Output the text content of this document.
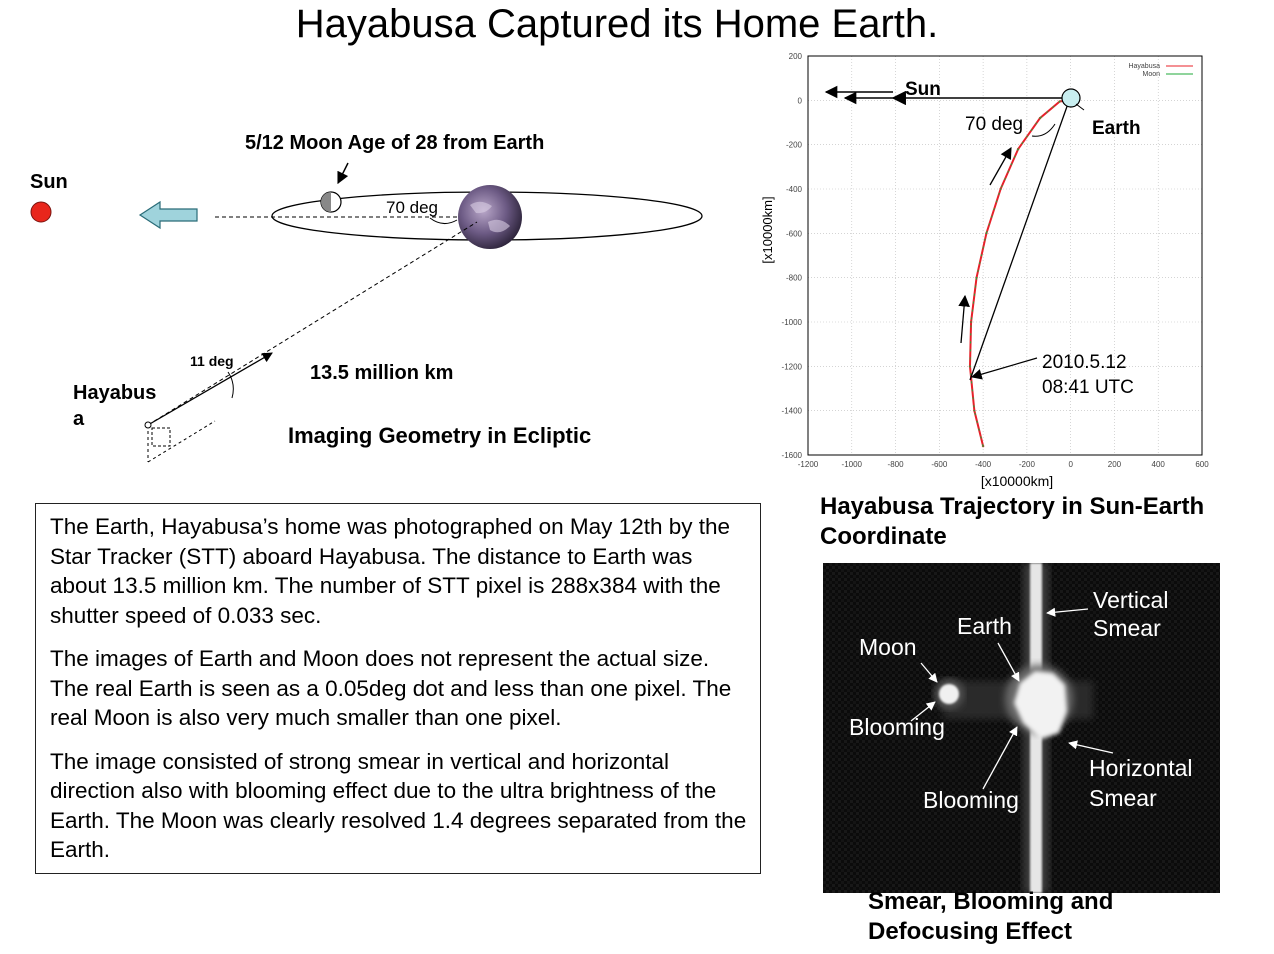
Hayabusa Captured its Home Earth.
5/12 Moon Age of 28 from Earth
Sun
70 deg
11 deg
Hayabus
a
13.5 million km
Imaging Geometry in Ecliptic
-1200	-1000	-800	-600	-400	-200	0	200	400	600
200
0
-200
-400
-600
-800
-1000
-1200
-1400
-1600
Hayabusa
Moon
[x10000km]
[x10000km]
Sun
70 deg	Earth
2010.5.12
08:41 UTC
Hayabusa Trajectory in Sun-Earth
Coordinate

The Earth, Hayabusa’s home was photographed on May 12th by the Star Tracker (STT) aboard Hayabusa. The distance to Earth was about 13.5 million km. The number of STT pixel is 288x384 with the shutter speed of 0.033 sec.

The images of Earth and Moon does not represent the actual size. The real Earth is seen as a 0.05deg dot and less than one pixel. The real Moon is also very much smaller than one pixel.

The image consisted of strong smear in vertical and horizontal direction also with blooming effect due to the ultra brightness of the Earth. The Moon was clearly resolved 1.4 degrees separated from the Earth.

Vertical
Smear
Earth
Moon
Blooming
Blooming
Horizontal
Smear
Smear, Blooming and
Defocusing Effect
